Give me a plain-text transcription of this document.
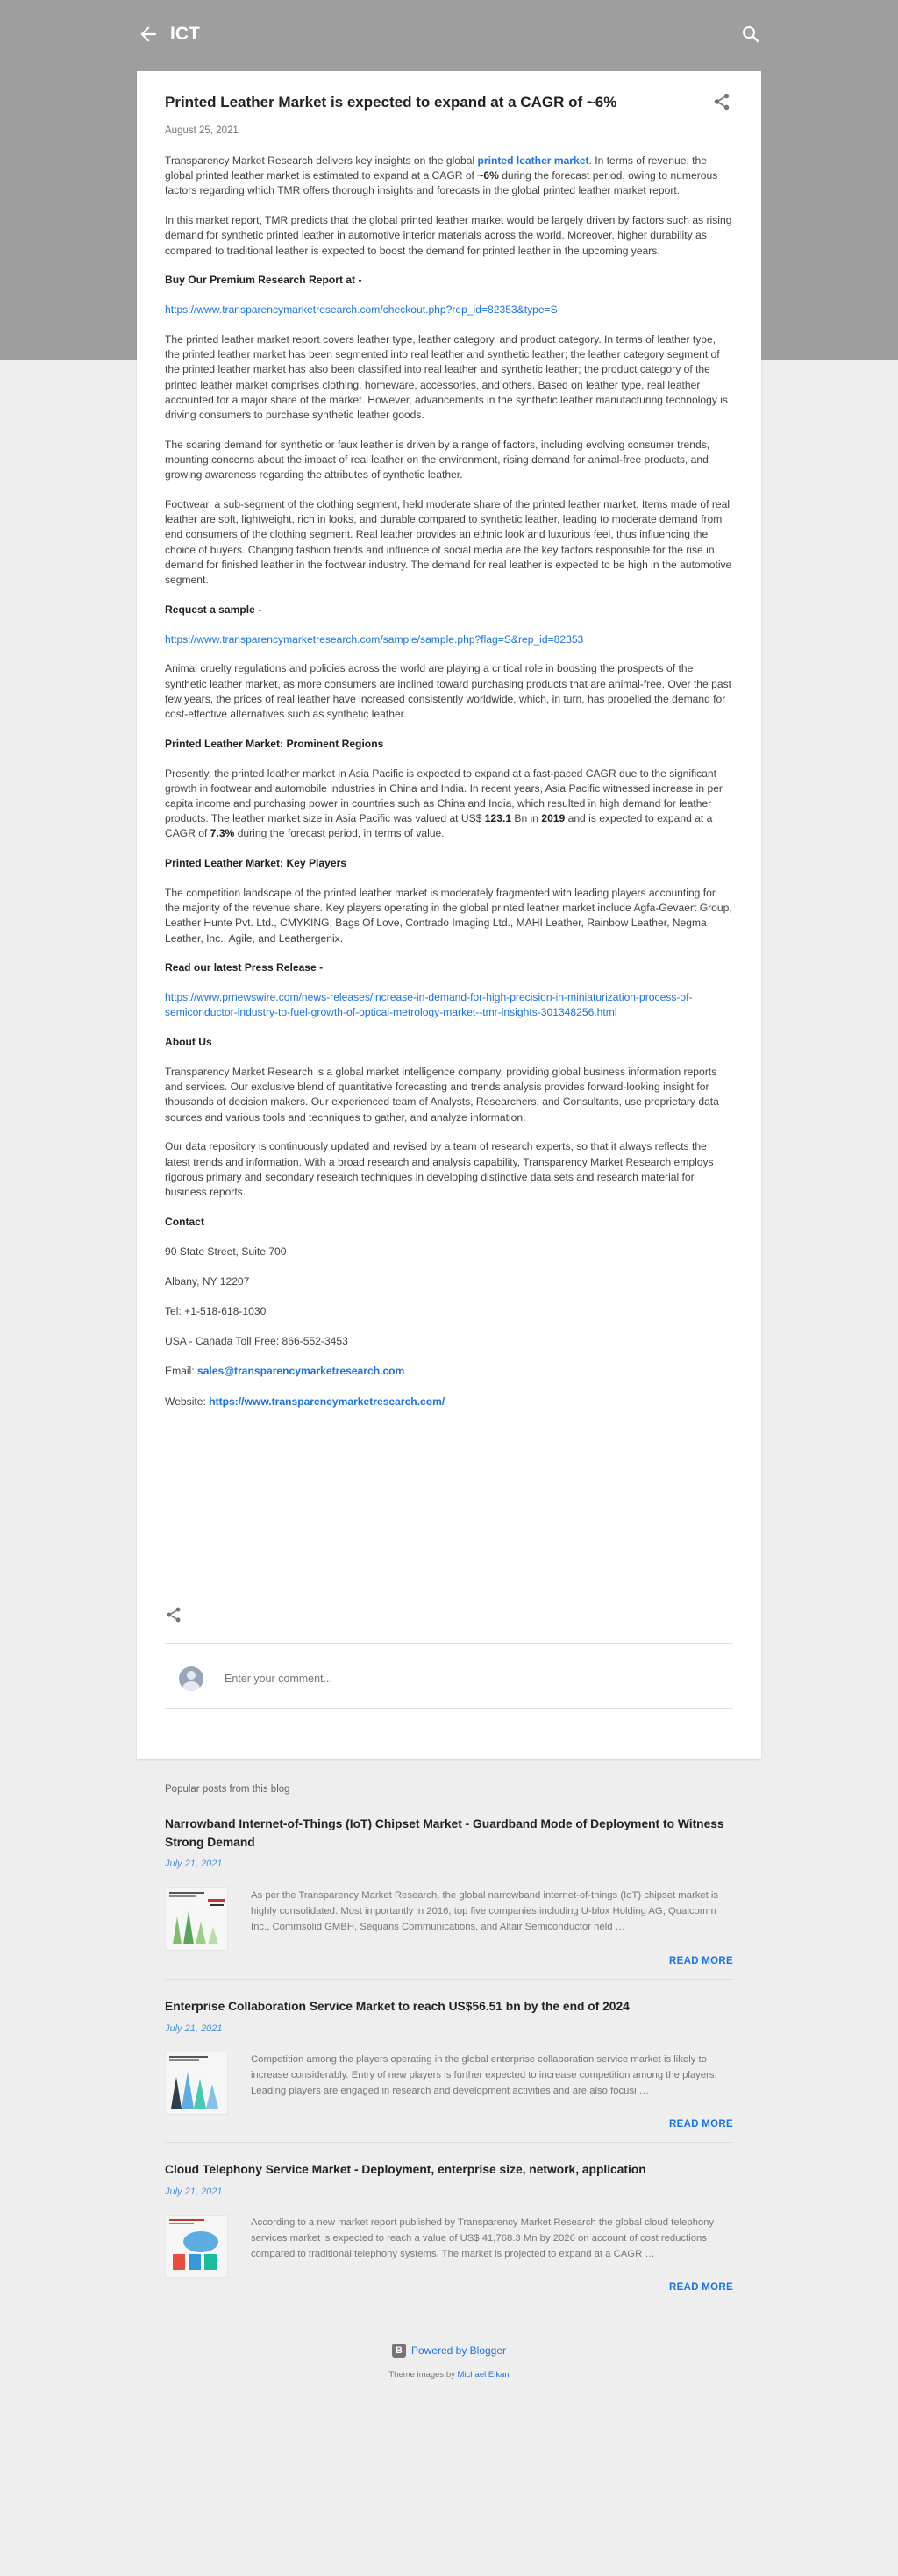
ICT
Printed Leather Market is expected to expand at a CAGR of ~6%
August 25, 2021

Transparency Market Research delivers key insights on the global printed leather market. In terms of revenue, the global printed leather market is estimated to expand at a CAGR of ~6% during the forecast period, owing to numerous factors regarding which TMR offers thorough insights and forecasts in the global printed leather market report.

In this market report, TMR predicts that the global printed leather market would be largely driven by factors such as rising demand for synthetic printed leather in automotive interior materials across the world. Moreover, higher durability as compared to traditional leather is expected to boost the demand for printed leather in the upcoming years.

Buy Our Premium Research Report at -

https://www.transparencymarketresearch.com/checkout.php?rep_id=82353&type=S

The printed leather market report covers leather type, leather category, and product category. In terms of leather type, the printed leather market has been segmented into real leather and synthetic leather; the leather category segment of the printed leather market has also been classified into real leather and synthetic leather; the product category of the printed leather market comprises clothing, homeware, accessories, and others. Based on leather type, real leather accounted for a major share of the market. However, advancements in the synthetic leather manufacturing technology is driving consumers to purchase synthetic leather goods.

The soaring demand for synthetic or faux leather is driven by a range of factors, including evolving consumer trends, mounting concerns about the impact of real leather on the environment, rising demand for animal-free products, and growing awareness regarding the attributes of synthetic leather.

Footwear, a sub-segment of the clothing segment, held moderate share of the printed leather market. Items made of real leather are soft, lightweight, rich in looks, and durable compared to synthetic leather, leading to moderate demand from end consumers of the clothing segment. Real leather provides an ethnic look and luxurious feel, thus influencing the choice of buyers. Changing fashion trends and influence of social media are the key factors responsible for the rise in demand for finished leather in the footwear industry. The demand for real leather is expected to be high in the automotive segment.

Request a sample -

https://www.transparencymarketresearch.com/sample/sample.php?flag=S&rep_id=82353

Animal cruelty regulations and policies across the world are playing a critical role in boosting the prospects of the synthetic leather market, as more consumers are inclined toward purchasing products that are animal-free. Over the past few years, the prices of real leather have increased consistently worldwide, which, in turn, has propelled the demand for cost-effective alternatives such as synthetic leather.

Printed Leather Market: Prominent Regions

Presently, the printed leather market in Asia Pacific is expected to expand at a fast-paced CAGR due to the significant growth in footwear and automobile industries in China and India. In recent years, Asia Pacific witnessed increase in per capita income and purchasing power in countries such as China and India, which resulted in high demand for leather products. The leather market size in Asia Pacific was valued at US$ 123.1 Bn in 2019 and is expected to expand at a CAGR of 7.3% during the forecast period, in terms of value.

Printed Leather Market: Key Players

The competition landscape of the printed leather market is moderately fragmented with leading players accounting for the majority of the revenue share. Key players operating in the global printed leather market include Agfa-Gevaert Group, Leather Hunte Pvt. Ltd., CMYKING, Bags Of Love, Contrado Imaging Ltd., MAHI Leather, Rainbow Leather, Negma Leather, Inc., Agile, and Leathergenix.

Read our latest Press Release -

https://www.prnewswire.com/news-releases/increase-in-demand-for-high-precision-in-miniaturization-process-of-semiconductor-industry-to-fuel-growth-of-optical-metrology-market--tmr-insights-301348256.html

About Us

Transparency Market Research is a global market intelligence company, providing global business information reports and services. Our exclusive blend of quantitative forecasting and trends analysis provides forward-looking insight for thousands of decision makers. Our experienced team of Analysts, Researchers, and Consultants, use proprietary data sources and various tools and techniques to gather, and analyze information.

Our data repository is continuously updated and revised by a team of research experts, so that it always reflects the latest trends and information. With a broad research and analysis capability, Transparency Market Research employs rigorous primary and secondary research techniques in developing distinctive data sets and research material for business reports.

Contact

90 State Street, Suite 700

Albany, NY 12207

Tel: +1-518-618-1030

USA - Canada Toll Free: 866-552-3453

Email: sales@transparencymarketresearch.com

Website: https://www.transparencymarketresearch.com/

Enter your comment...
Popular posts from this blog
Narrowband Internet-of-Things (IoT) Chipset Market - Guardband Mode of Deployment to Witness Strong Demand
July 21, 2021
As per the Transparency Market Research, the global narrowband internet-of-things (IoT) chipset market is highly consolidated. Most importantly in 2016, top five companies including U-blox Holding AG, Qualcomm Inc., Commsolid GMBH, Sequans Communications, and Altair Semiconductor held …
READ MORE
Enterprise Collaboration Service Market to reach US$56.51 bn by the end of 2024
July 21, 2021
Competition among the players operating in the global enterprise collaboration service market is likely to increase considerably. Entry of new players is further expected to increase competition among the players. Leading players are engaged in research and development activities and are also focusi …
READ MORE
Cloud Telephony Service Market - Deployment, enterprise size, network, application
July 21, 2021
According to a new market report published by Transparency Market Research the global cloud telephony services market is expected to reach a value of US$ 41,768.3 Mn by 2026 on account of cost reductions compared to traditional telephony systems. The market is projected to expand at a CAGR …
READ MORE
B Powered by Blogger
Theme images by Michael Elkan
